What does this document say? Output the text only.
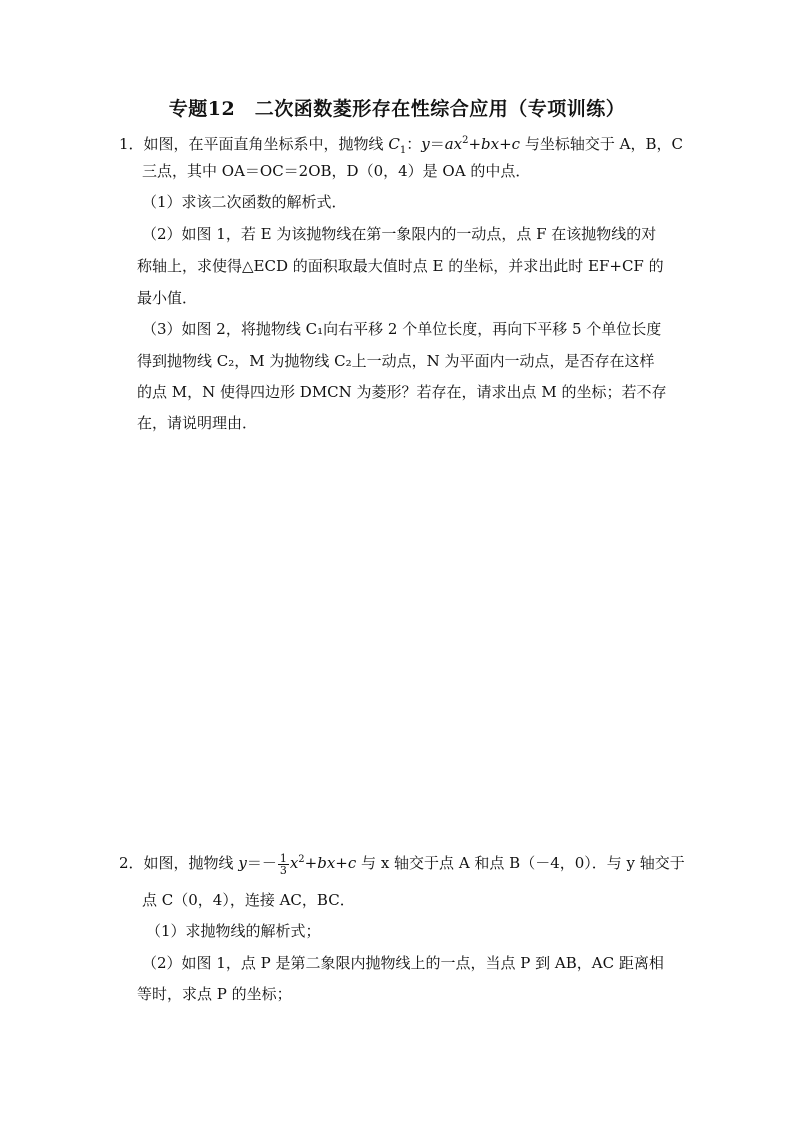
专题12　二次函数菱形存在性综合应用（专项训练）
1．如图，在平面直角坐标系中，抛物线 $C_1$：$y=ax^2+bx+c$ 与坐标轴交于 A，B，C
三点，其中 OA＝OC＝2OB，D（0，4）是 OA 的中点．
（1）求该二次函数的解析式．
（2）如图 1，若 E 为该抛物线在第一象限内的一动点，点 F 在该抛物线的对
称轴上，求使得△ECD 的面积取最大值时点 E 的坐标，并求出此时 EF+CF 的
最小值．
（3）如图 2，将抛物线 C₁向右平移 2 个单位长度，再向下平移 5 个单位长度
得到抛物线 C₂，M 为抛物线 C₂上一动点，N 为平面内一动点，是否存在这样
的点 M，N 使得四边形 DMCN 为菱形？若存在，请求出点 M 的坐标；若不存
在，请说明理由．
2．如图，抛物线 $y=- \frac{1}{3} x^2+bx+c$ 与 x 轴交于点 A 和点 B（－4，0）．与 y 轴交于
点 C（0，4），连接 AC，BC．
（1）求抛物线的解析式；
（2）如图 1，点 P 是第二象限内抛物线上的一点，当点 P 到 AB，AC 距离相
等时，求点 P 的坐标；
